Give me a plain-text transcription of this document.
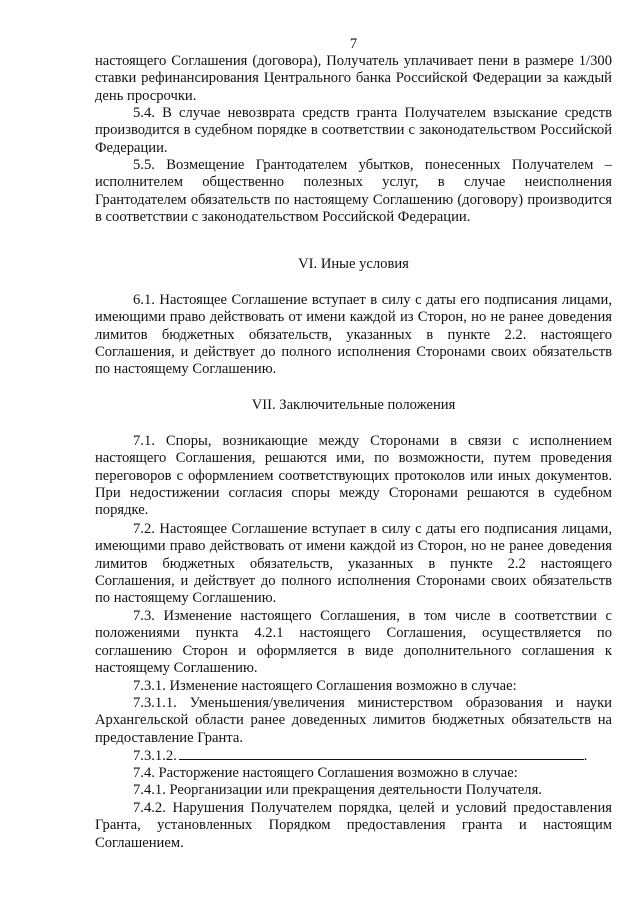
7

настоящего Соглашения (договора), Получатель уплачивает пени в размере 1/300 ставки рефинансирования Центрального банка Российской Федерации за каждый день просрочки.

5.4. В случае невозврата средств гранта Получателем взыскание средств производится в судебном порядке в соответствии с законодательством Российской Федерации.

5.5. Возмещение Грантодателем убытков, понесенных Получателем – исполнителем общественно полезных услуг, в случае неисполнения Грантодателем обязательств по настоящему Соглашению (договору) производится в соответствии с законодательством Российской Федерации.

VI. Иные условия

6.1. Настоящее Соглашение вступает в силу с даты его подписания лицами, имеющими право действовать от имени каждой из Сторон, но не ранее доведения лимитов бюджетных обязательств, указанных в пункте 2.2. настоящего Соглашения, и действует до полного исполнения Сторонами своих обязательств по настоящему Соглашению.

VII. Заключительные положения

7.1. Споры, возникающие между Сторонами в связи с исполнением настоящего Соглашения, решаются ими, по возможности, путем проведения переговоров с оформлением соответствующих протоколов или иных документов. При недостижении согласия споры между Сторонами решаются в судебном порядке.

7.2. Настоящее Соглашение вступает в силу с даты его подписания лицами, имеющими право действовать от имени каждой из Сторон, но не ранее доведения лимитов бюджетных обязательств, указанных в пункте 2.2 настоящего Соглашения, и действует до полного исполнения Сторонами своих обязательств по настоящему Соглашению.

7.3. Изменение настоящего Соглашения, в том числе в соответствии с положениями пункта 4.2.1 настоящего Соглашения, осуществляется по соглашению Сторон и оформляется в виде дополнительного соглашения к настоящему Соглашению.

7.3.1. Изменение настоящего Соглашения возможно в случае:

7.3.1.1. Уменьшения/увеличения министерством образования и науки Архангельской области ранее доведенных лимитов бюджетных обязательств на предоставление Гранта.

7.3.1.2.	.

7.4. Расторжение настоящего Соглашения возможно в случае:

7.4.1. Реорганизации или прекращения деятельности Получателя.

7.4.2. Нарушения Получателем порядка, целей и условий предоставления Гранта, установленных Порядком предоставления гранта и настоящим Соглашением.
